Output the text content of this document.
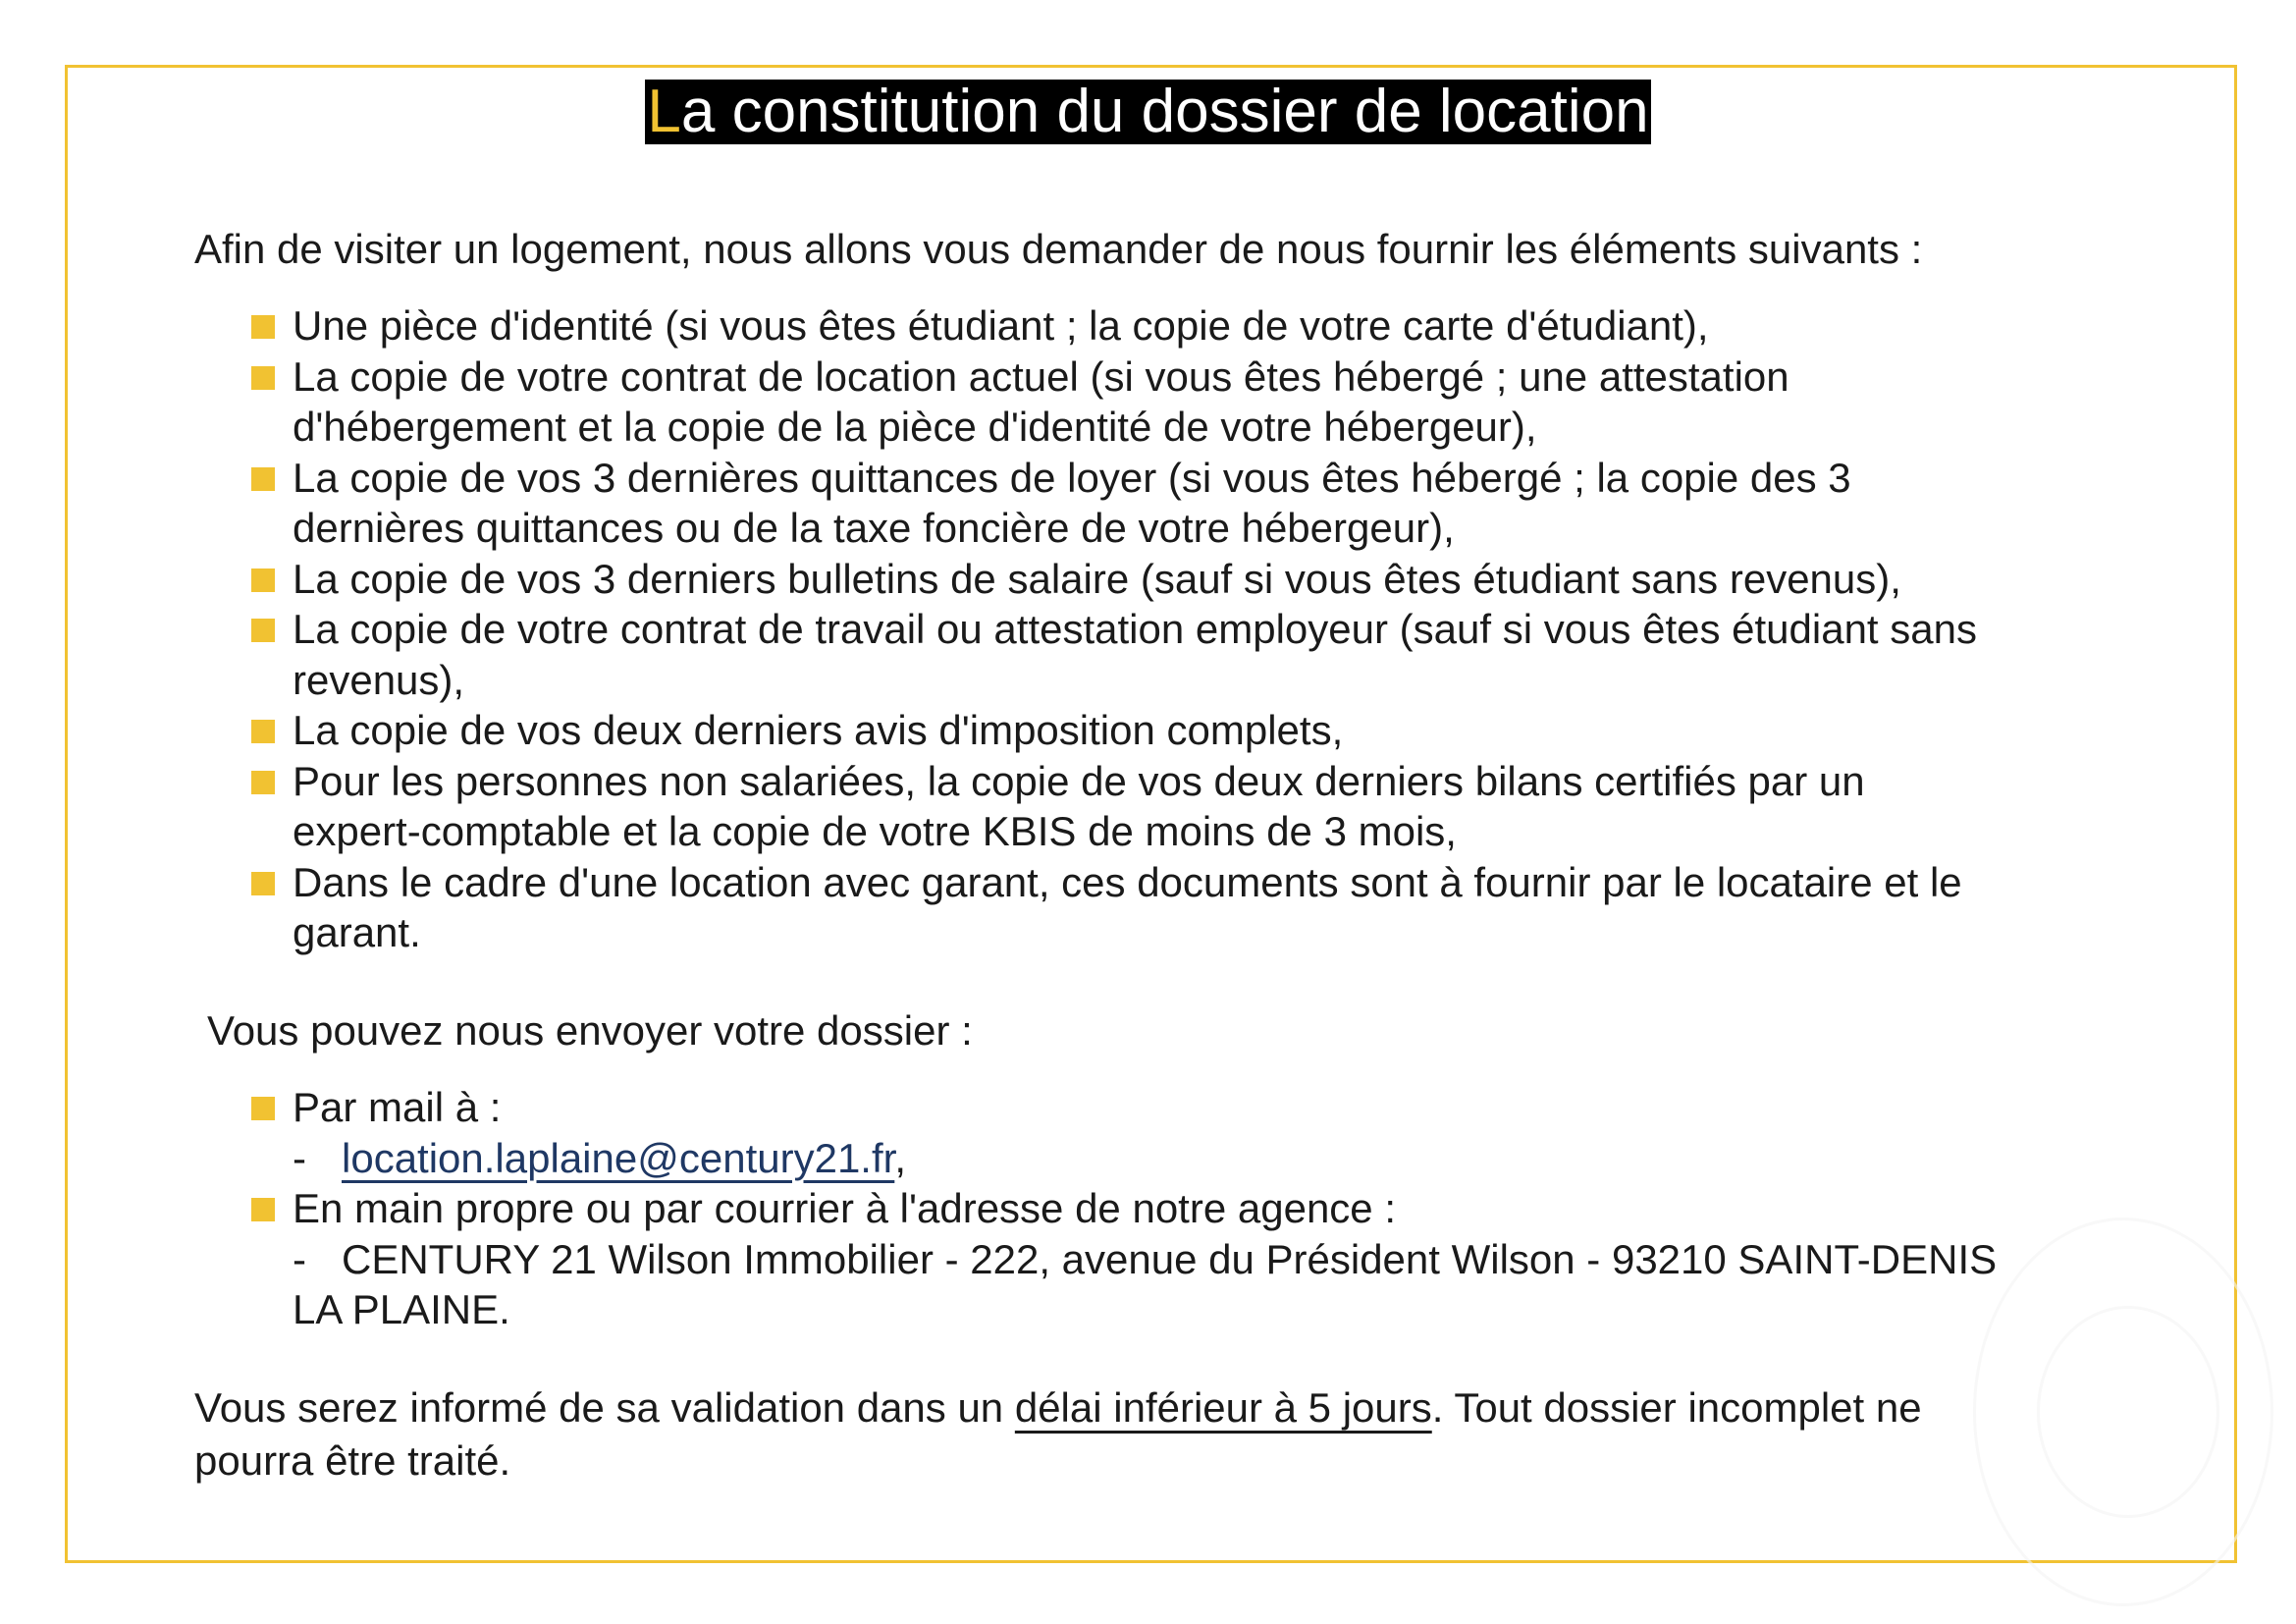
La constitution du dossier de location
Afin de visiter un logement, nous allons vous demander de nous fournir les éléments suivants :
Une pièce d'identité (si vous êtes étudiant ; la copie de votre carte d'étudiant),
La copie de votre contrat de location actuel (si vous êtes hébergé ; une attestation
d'hébergement et la copie de la pièce d'identité de votre hébergeur),
La copie de vos 3 dernières quittances de loyer (si vous êtes hébergé ; la copie des 3
dernières quittances ou de la taxe foncière de votre hébergeur),
La copie de vos 3 derniers bulletins de salaire (sauf si vous êtes étudiant sans revenus),
La copie de votre contrat de travail ou attestation employeur (sauf si vous êtes étudiant sans
revenus),
La copie de vos deux derniers avis d'imposition complets,
Pour les personnes non salariées, la copie de vos deux derniers bilans certifiés par un
expert-comptable et la copie de votre KBIS de moins de 3 mois,
Dans le cadre d'une location avec garant, ces documents sont à fournir par le locataire et le
garant.
Vous pouvez nous envoyer votre dossier :
Par mail à :
- location.laplaine@century21.fr,
En main propre ou par courrier à l'adresse de notre agence :
- CENTURY 21 Wilson Immobilier - 222, avenue du Président Wilson - 93210 SAINT-DENIS
LA PLAINE.
Vous serez informé de sa validation dans un délai inférieur à 5 jours. Tout dossier incomplet ne
pourra être traité.
